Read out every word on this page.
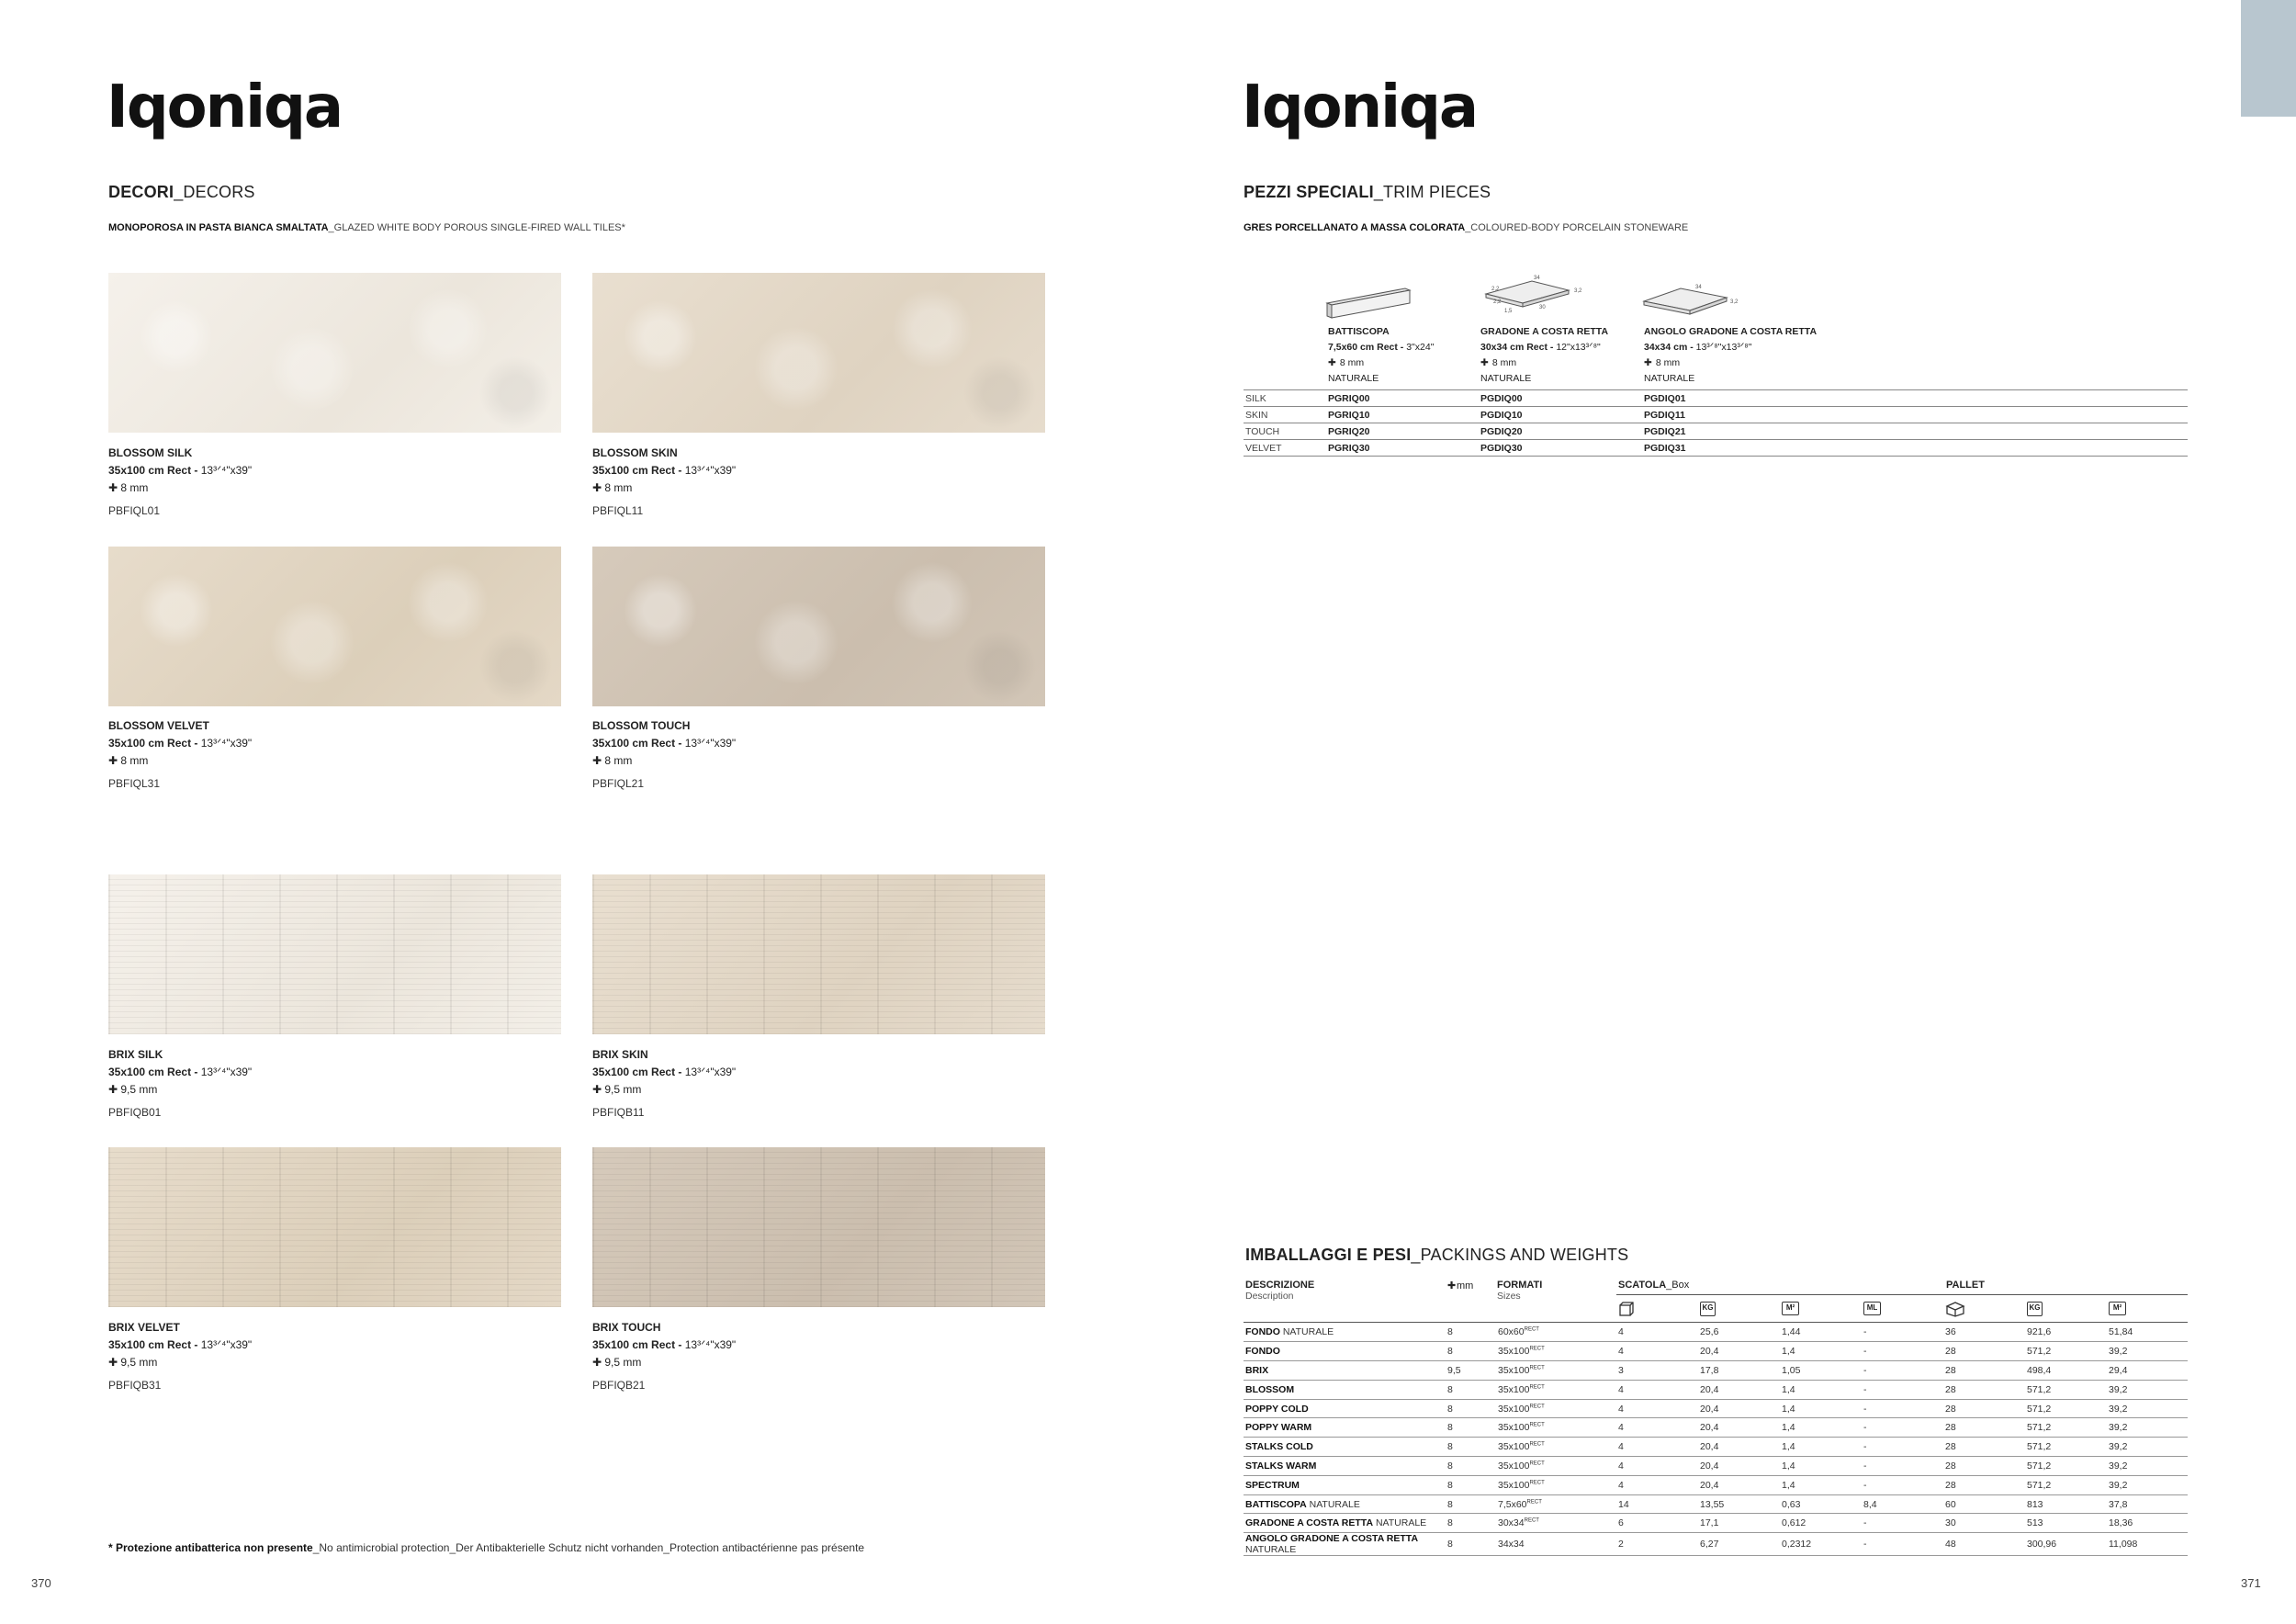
Iqoniqa
DECORI_DECORS
MONOPOROSA IN PASTA BIANCA SMALTATA_GLAZED WHITE BODY POROUS SINGLE-FIRED WALL TILES*
BLOSSOM SILK
35x100 cm Rect - 13³ᐟ⁴"x39"
✚ 8 mm
PBFIQL01
BLOSSOM SKIN
35x100 cm Rect - 13³ᐟ⁴"x39"
✚ 8 mm
PBFIQL11
BLOSSOM VELVET
35x100 cm Rect - 13³ᐟ⁴"x39"
✚ 8 mm
PBFIQL31
BLOSSOM TOUCH
35x100 cm Rect - 13³ᐟ⁴"x39"
✚ 8 mm
PBFIQL21
BRIX SILK
35x100 cm Rect - 13³ᐟ⁴"x39"
✚ 9,5 mm
PBFIQB01
BRIX SKIN
35x100 cm Rect - 13³ᐟ⁴"x39"
✚ 9,5 mm
PBFIQB11
BRIX VELVET
35x100 cm Rect - 13³ᐟ⁴"x39"
✚ 9,5 mm
PBFIQB31
BRIX TOUCH
35x100 cm Rect - 13³ᐟ⁴"x39"
✚ 9,5 mm
PBFIQB21
* Protezione antibatterica non presente_No antimicrobial protection_Der Antibakterielle Schutz nicht vorhanden_Protection antibactérienne pas présente
370
Iqoniqa
PEZZI SPECIALI_TRIM PIECES
GRES PORCELLANATO A MASSA COLORATA_COLOURED-BODY PORCELAIN STONEWARE
34
3,2
30
2,2
2,2
1,5
34
3,2
BATTISCOPA
7,5x60 cm Rect - 3"x24"
✚ 8 mm
NATURALE
GRADONE A COSTA RETTA
30x34 cm Rect - 12"x13³ᐟ⁸"
✚ 8 mm
NATURALE
ANGOLO GRADONE A COSTA RETTA
34x34 cm - 13³ᐟ⁸"x13³ᐟ⁸"
✚ 8 mm
NATURALE
SILK	PGRIQ00	PGDIQ00	PGDIQ01
SKIN	PGRIQ10	PGDIQ10	PGDIQ11
TOUCH	PGRIQ20	PGDIQ20	PGDIQ21
VELVET	PGRIQ30	PGDIQ30	PGDIQ31
IMBALLAGGI E PESI_PACKINGS AND WEIGHTS
DESCRIZIONE
Description
✚mm FORMATI
Sizes
SCATOLA_Box	PALLET
KG	M²	ML	KG	M²
FONDO NATURALE	8	$60x60^{RECT}$	4	25,6	1,44	-	36	921,6	51,84
FONDO	8	$35x100^{RECT}$	4	20,4	1,4	-	28	571,2	39,2
BRIX	9,5	$35x100^{RECT}$	3	17,8	1,05	-	28	498,4	29,4
BLOSSOM	8	$35x100^{RECT}$	4	20,4	1,4	-	28	571,2	39,2
POPPY COLD	8	$35x100^{RECT}$	4	20,4	1,4	-	28	571,2	39,2
POPPY WARM	8	$35x100^{RECT}$	4	20,4	1,4	-	28	571,2	39,2
STALKS COLD	8	$35x100^{RECT}$	4	20,4	1,4	-	28	571,2	39,2
STALKS WARM	8	$35x100^{RECT}$	4	20,4	1,4	-	28	571,2	39,2
SPECTRUM	8	$35x100^{RECT}$	4	20,4	1,4	-	28	571,2	39,2
BATTISCOPA NATURALE	8	$7,5x60^{RECT}$	14	13,55	0,63	8,4	60	813	37,8
GRADONE A COSTA RETTA NATURALE	8	$30x34^{RECT}$	6	17,1	0,612	-	30	513	18,36
ANGOLO GRADONE A COSTA RETTA NATURALE	8	34x34	2	6,27	0,2312	-	48	300,96	11,098
371
